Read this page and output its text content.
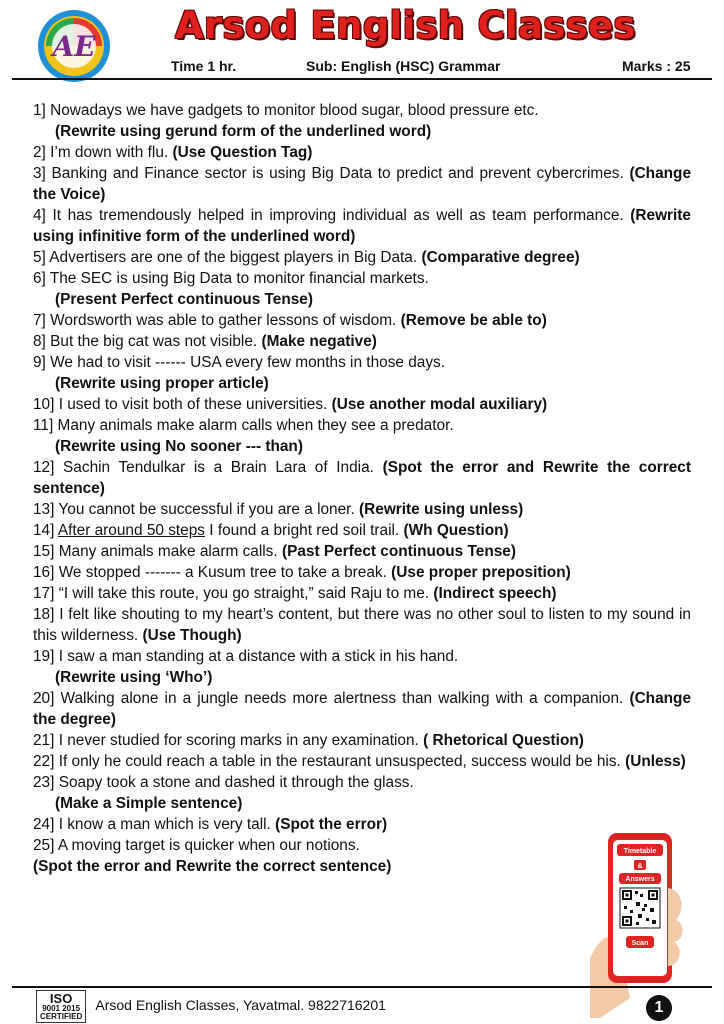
AE Arsod English Classes
Time 1 hr.	Sub: English (HSC) Grammar	Marks : 25
1] Nowadays we have gadgets to monitor blood sugar, blood pressure etc.
(Rewrite using gerund form of the underlined word)
2] I’m down with flu. (Use Question Tag)
3] Banking and Finance sector is using Big Data to predict and prevent cybercrimes. (Change the Voice)
4] It has tremendously helped in improving individual as well as team performance. (Rewrite using infinitive form of the underlined word)
5] Advertisers are one of the biggest players in Big Data. (Comparative degree)
6] The SEC is using Big Data to monitor financial markets.
(Present Perfect continuous Tense)
7] Wordsworth was able to gather lessons of wisdom. (Remove be able to)
8] But the big cat was not visible. (Make negative)
9] We had to visit ------ USA every few months in those days.
(Rewrite using proper article)
10] I used to visit both of these universities. (Use another modal auxiliary)
11] Many animals make alarm calls when they see a predator.
(Rewrite using No sooner --- than)
12] Sachin Tendulkar is a Brain Lara of India. (Spot the error and Rewrite the correct sentence)
13] You cannot be successful if you are a loner. (Rewrite using unless)
14] After around 50 steps I found a bright red soil trail. (Wh Question)
15] Many animals make alarm calls. (Past Perfect continuous Tense)
16] We stopped ------- a Kusum tree to take a break. (Use proper preposition)
17] “I will take this route, you go straight,” said Raju to me. (Indirect speech)
18] I felt like shouting to my heart’s content, but there was no other soul to listen to my sound in this wilderness. (Use Though)
19] I saw a man standing at a distance with a stick in his hand.
(Rewrite using ‘Who’)
20] Walking alone in a jungle needs more alertness than walking with a companion. (Change the degree)
21] I never studied for scoring marks in any examination. ( Rhetorical Question)
22] If only he could reach a table in the restaurant unsuspected, success would be his. (Unless)
23] Soapy took a stone and dashed it through the glass.
(Make a Simple sentence)
24] I know a man which is very tall. (Spot the error)
25] A moving target is quicker when our notions.
(Spot the error and Rewrite the correct sentence)
Timetable
&
Answers
Scan
ISO
9001 2015
CERTIFIED
Arsod English Classes, Yavatmal. 9822716201	1
